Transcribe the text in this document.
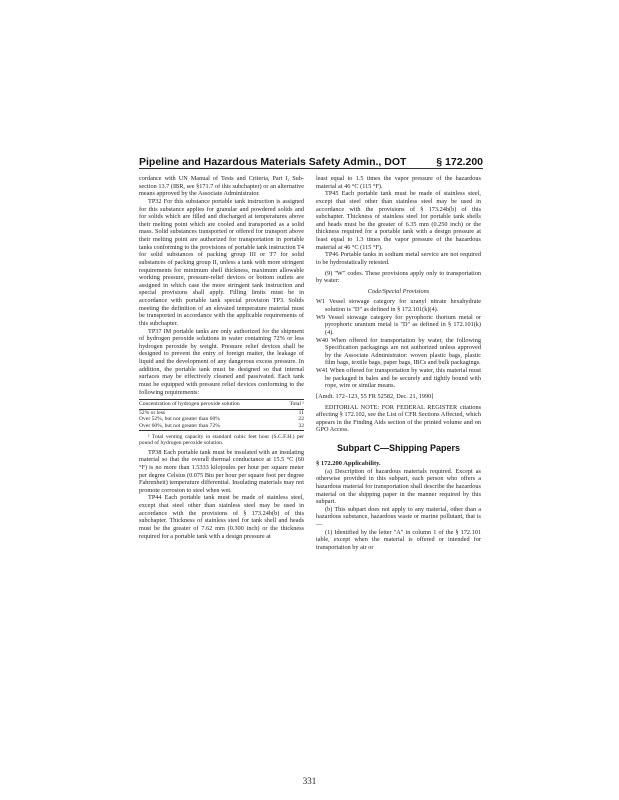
Pipeline and Hazardous Materials Safety Admin., DOT	§ 172.200

cordance with UN Manual of Tests and Criteria, Part I, Sub-section 13.7 (IBR, see §171.7 of this subchapter) or an alternative means approved by the Associate Administrator.

TP32 For this substance portable tank instruction is assigned for this substance applies for granular and powdered solids and for solids which are filled and discharged at temperatures above their melting point which are cooled and transported as a solid mass. Solid substances transported or offered for transport above their melting point are authorized for transportation in portable tanks conforming to the provisions of portable tank instruction T4 for solid substances of packing group III or T7 for solid substances of packing group II, unless a tank with more stringent requirements for minimum shell thickness, maximum allowable working pressure, pressure-relief devices or bottom outlets are assigned in which case the more stringent tank instruction and special provisions shall apply. Filling limits must be in accordance with portable tank special provision TP3. Solids meeting the definition of an elevated temperature material must be transported in accordance with the applicable requirements of this subchapter.

TP37 IM portable tanks are only authorized for the shipment of hydrogen peroxide solutions in water containing 72% or less hydrogen peroxide by weight. Pressure relief devices shall be designed to prevent the entry of foreign matter, the leakage of liquid and the development of any dangerous excess pressure. In addition, the portable tank must be designed so that internal surfaces may be effectively cleaned and passivated. Each tank must be equipped with pressure relief devices conforming to the following requirements:

Concentration of hydrogen peroxide solution	Total ¹
52% or less	11
Over 52%, but not greater than 60%	22
Over 60%, but not greater than 72%	32

¹ Total venting capacity in standard cubic feet hour (S.C.F.H.) per pound of hydrogen peroxide solution.

TP38 Each portable tank must be insulated with an insulating material so that the overall thermal conductance at 15.5 °C (60 °F) is no more than 1.5333 kilojoules per hour per square meter per degree Celsius (0.075 Btu per hour per square foot per degree Fahrenheit) temperature differential. Insulating materials may not promote corrosion to steel when wet.

TP44 Each portable tank must be made of stainless steel, except that steel other than stainless steel may be used in accordance with the provisions of § 173.24b(b) of this subchapter. Thickness of stainless steel for tank shell and heads must be the greater of 7.62 mm (0.300 inch) or the thickness required for a portable tank with a design pressure at

least equal to 1.5 times the vapor pressure of the hazardous material at 46 °C (115 °F).

TP45 Each portable tank must be made of stainless steel, except that steel other than stainless steel may be used in accordance with the provisions of § 173.24b(b) of this subchapter. Thickness of stainless steel for portable tank shells and heads must be the greater of 6.35 mm (0.250 inch) or the thickness required for a portable tank with a design pressure at least equal to 1.3 times the vapor pressure of the hazardous material at 46 °C (115 °F).

TP46 Portable tanks in sodium metal service are not required to be hydrostatically retested.

(9) "W" codes. These provisions apply only to transportation by water:

Code/Special Provisions

W1 Vessel stowage category for uranyl nitrate hexahydrate solution is "D" as defined in § 172.101(k)(4).

W9 Vessel stowage category for pyrophoric thorium metal or pyrophoric uranium metal is "D" as defined in § 172.101(k)(4).

W40 When offered for transportation by water, the following Specification packagings are not authorized unless approved by the Associate Administrator: woven plastic bags, plastic film bags, textile bags, paper bags, IBCs and bulk packagings.

W41 When offered for transportation by water, this material must be packaged in bales and be securely and tightly bound with rope, wire or similar means.

[Amdt. 172–123, 55 FR 52582, Dec. 21, 1990]

EDITORIAL NOTE: FOR FEDERAL REGISTER citations affecting § 172.102, see the List of CFR Sections Affected, which appears in the Finding Aids section of the printed volume and on GPO Access.

Subpart C—Shipping Papers

§ 172.200 Applicability.

(a) Description of hazardous materials required. Except as otherwise provided in this subpart, each person who offers a hazardous material for transportation shall describe the hazardous material on the shipping paper in the manner required by this subpart.

(b) This subpart does not apply to any material, other than a hazardous substance, hazardous waste or marine pollutant, that is—

(1) Identified by the letter "A" in column 1 of the § 172.101 table, except when the material is offered or intended for transportation by air or

331
